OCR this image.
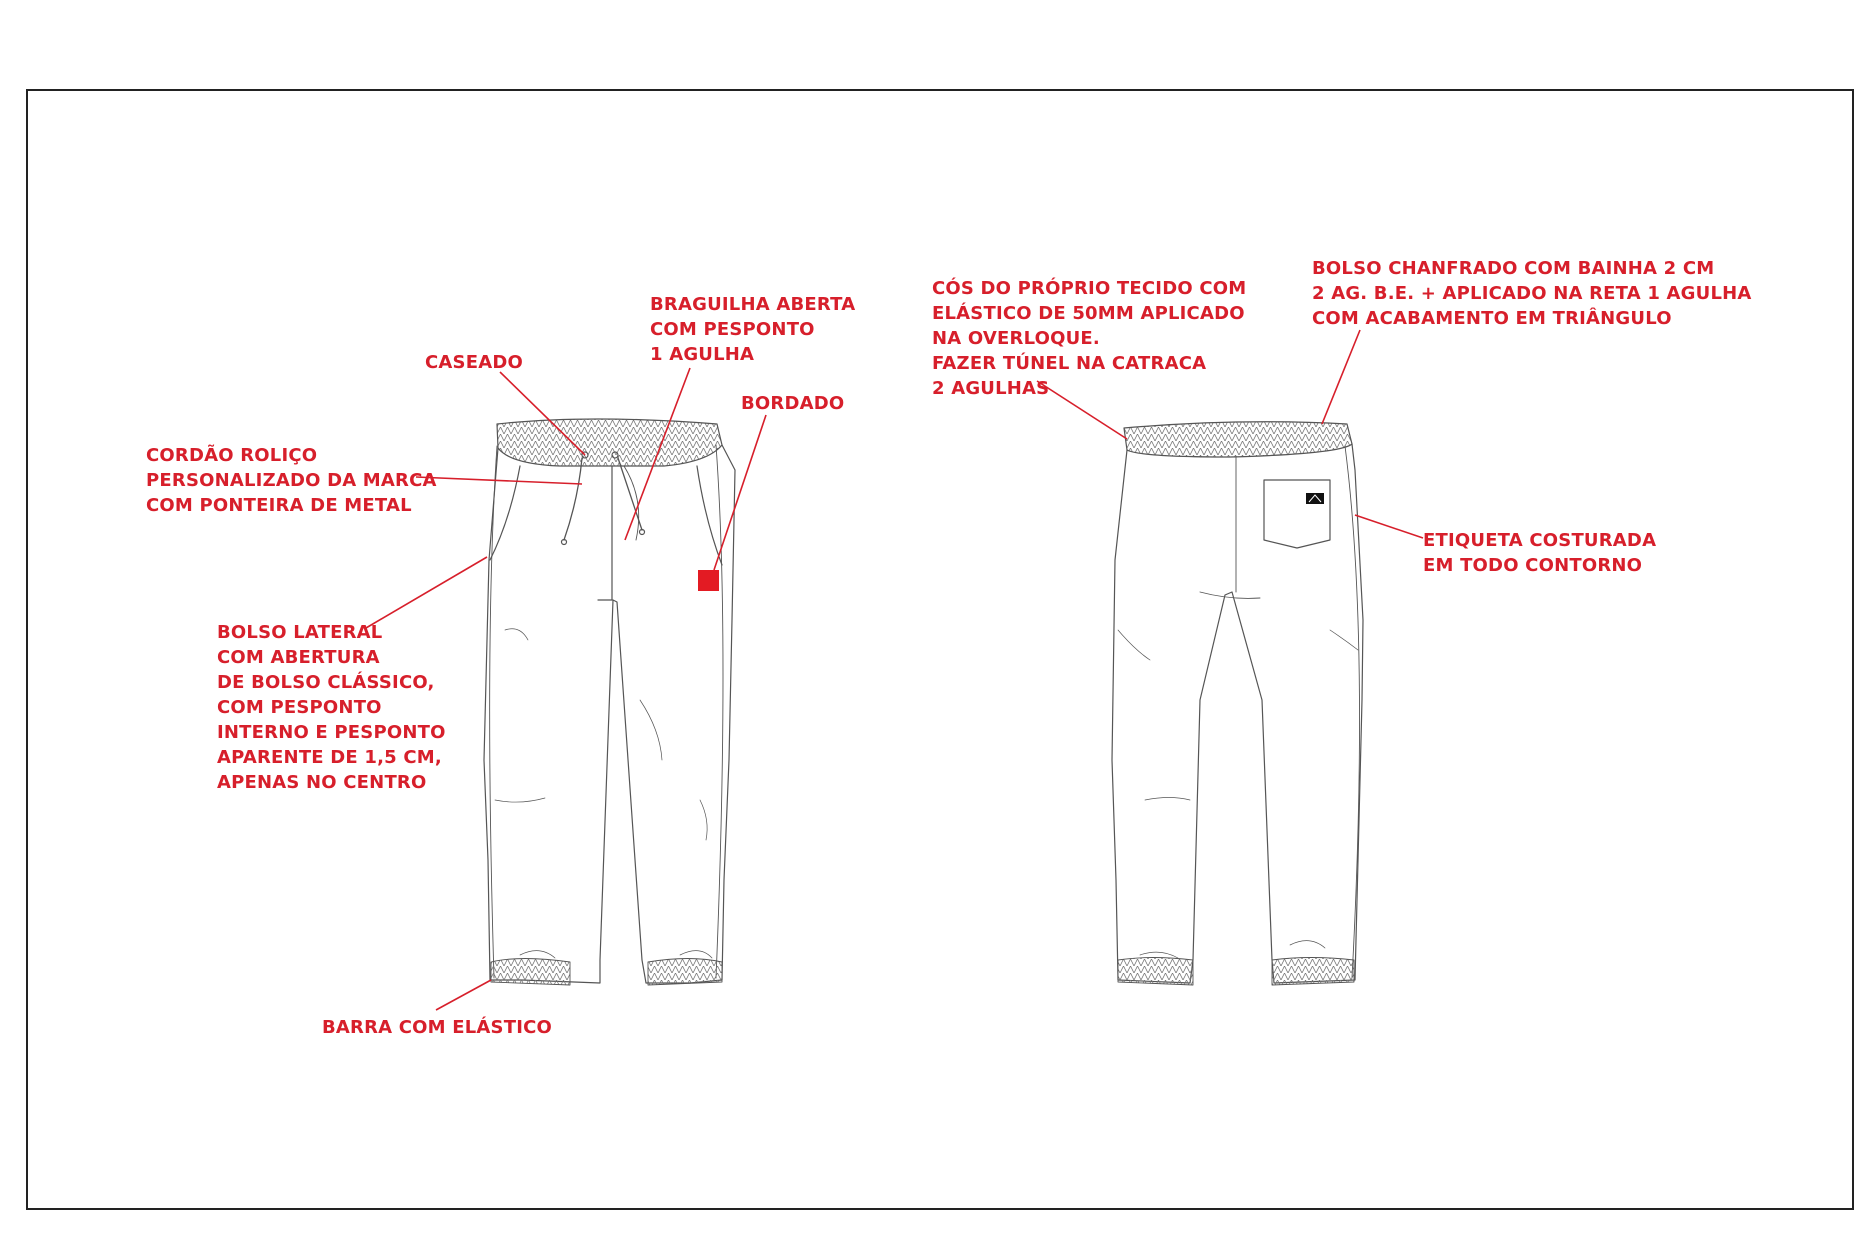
CASEADO
BRAGUILHA ABERTA
COM PESPONTO
1 AGULHA
BORDADO
CORDÃO ROLIÇO
PERSONALIZADO DA MARCA
COM PONTEIRA DE METAL
BOLSO LATERAL
COM ABERTURA
DE BOLSO CLÁSSICO,
COM PESPONTO
INTERNO E PESPONTO
APARENTE DE 1,5 CM,
APENAS NO CENTRO
BARRA COM ELÁSTICO
CÓS DO PRÓPRIO TECIDO COM
ELÁSTICO DE 50MM APLICADO
NA OVERLOQUE.
FAZER TÚNEL NA CATRACA
2 AGULHAS
BOLSO CHANFRADO COM BAINHA 2 CM
2 AG. B.E. + APLICADO NA RETA 1 AGULHA
COM ACABAMENTO EM TRIÂNGULO
ETIQUETA COSTURADA
EM TODO CONTORNO
